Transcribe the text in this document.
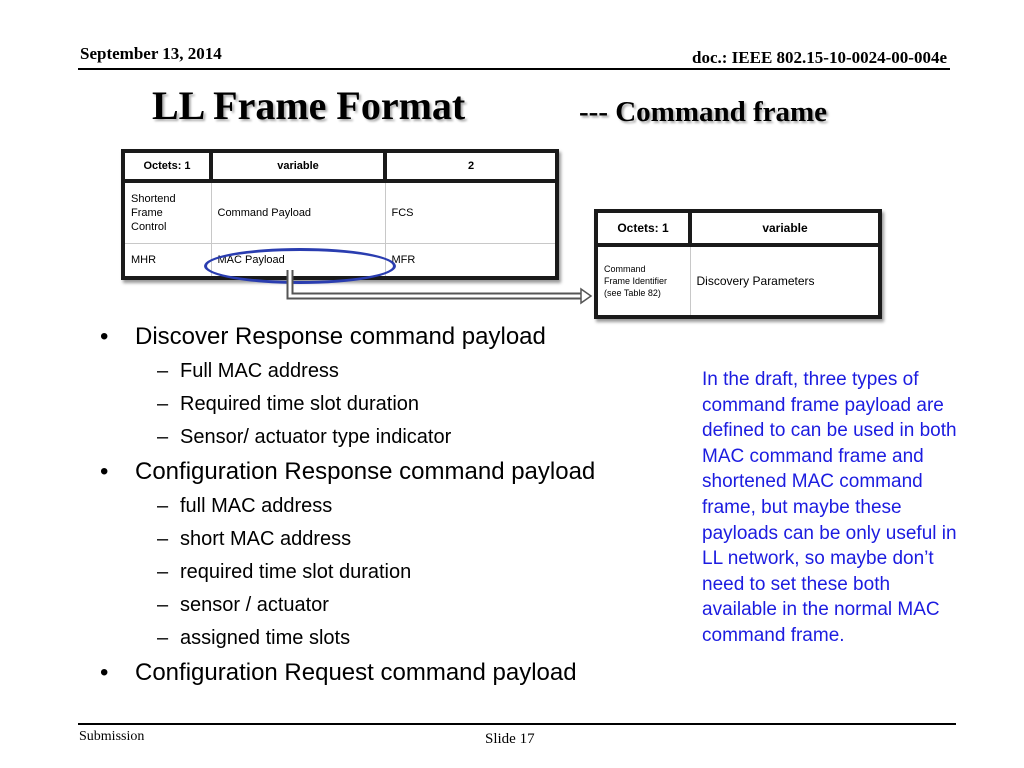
September 13, 2014	doc.: IEEE 802.15-10-0024-00-004e
LL Frame Format	--- Command frame
Octets: 1	variable	2
Shortend
Frame
Control	Command Payload	FCS
MHR	MAC Payload	MFR
Octets: 1	variable
Command
Frame Identifier
(see Table 82)	Discovery Parameters
• Discover Response command payload
– Full MAC address
– Required time slot duration
– Sensor/ actuator type indicator
• Configuration Response command payload
– full MAC address
– short MAC address
– required time slot duration
– sensor / actuator
– assigned time slots
• Configuration Request command payload
In the draft, three types of command frame payload are defined to can be used in both MAC command frame and shortened MAC command frame, but maybe these payloads can be only useful in LL network, so maybe don’t need to set these both available in the normal MAC command frame.
Submission	Slide 17
